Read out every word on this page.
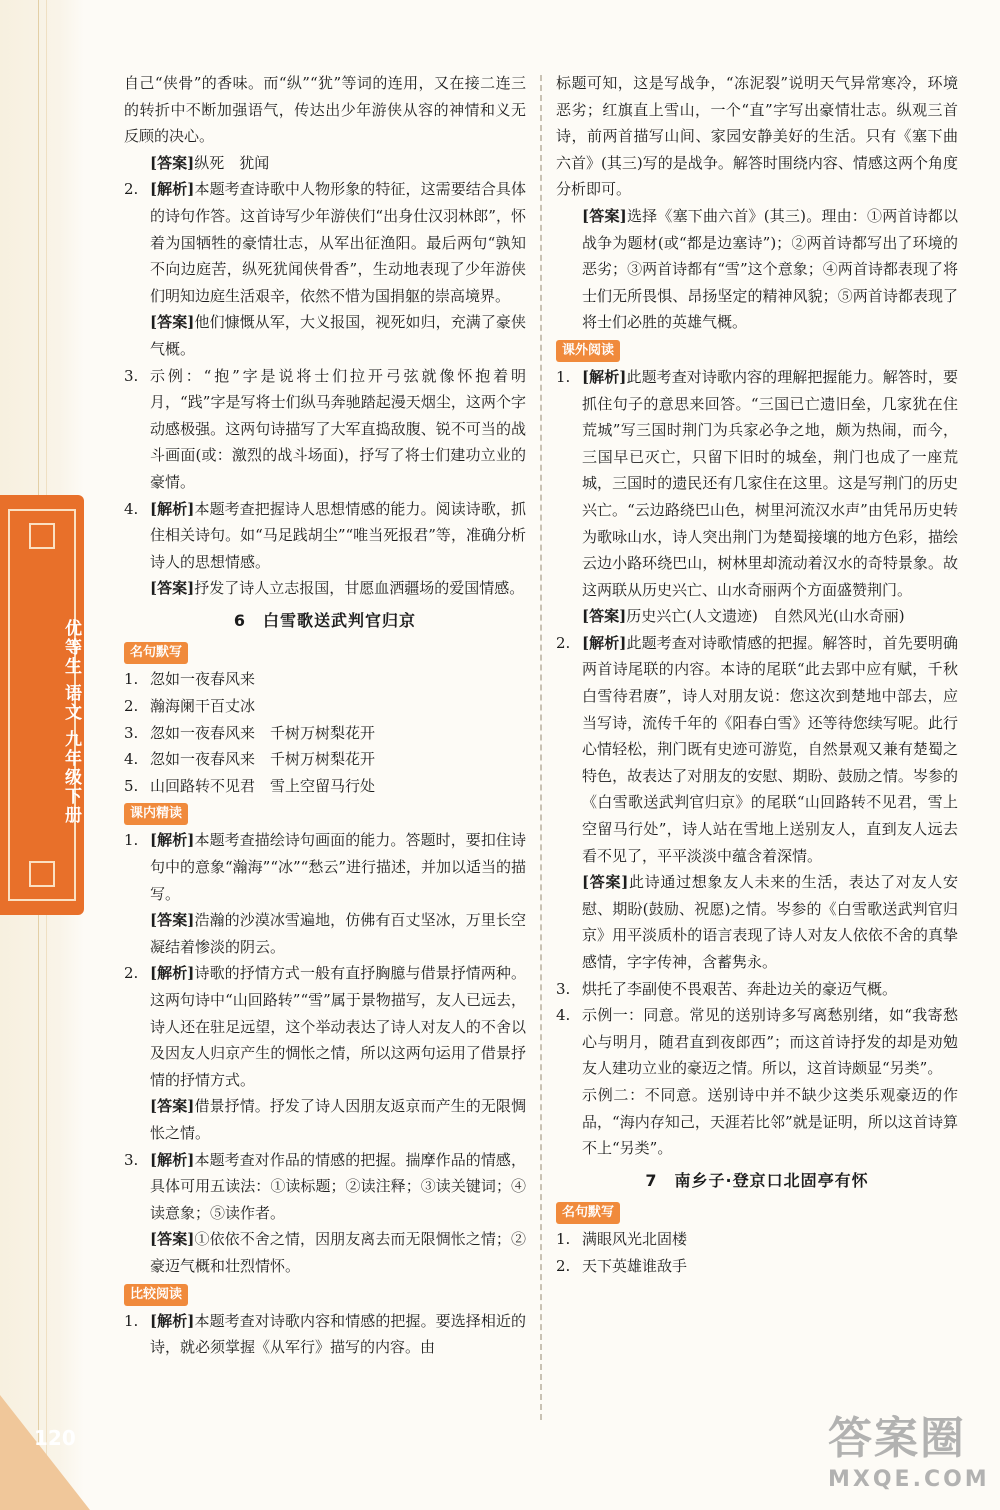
优等生 语文 九年级下册
120

自己“侠骨”的香味。而“纵”“犹”等词的连用，又在接二连三的转折中不断加强语气，传达出少年游侠从容的神情和义无反顾的决心。

[答案]纵死　犹闻

2. [解析]本题考查诗歌中人物形象的特征，这需要结合具体的诗句作答。这首诗写少年游侠们“出身仕汉羽林郎”，怀着为国牺牲的豪情壮志，从军出征渔阳。最后两句“孰知不向边庭苦，纵死犹闻侠骨香”，生动地表现了少年游侠们明知边庭生活艰辛，依然不惜为国捐躯的崇高境界。

[答案]他们慷慨从军，大义报国，视死如归，充满了豪侠气概。

3. 示例：“抱”字是说将士们拉开弓弦就像怀抱着明月，“践”字是写将士们纵马奔驰踏起漫天烟尘，这两个字动感极强。这两句诗描写了大军直捣敌腹、锐不可当的战斗画面(或：激烈的战斗场面)，抒写了将士们建功立业的豪情。
4. [解析]本题考查把握诗人思想情感的能力。阅读诗歌，抓住相关诗句。如“马足践胡尘”“唯当死报君”等，准确分析诗人的思想情感。

[答案]抒发了诗人立志报国，甘愿血洒疆场的爱国情感。

6　白雪歌送武判官归京
名句默写
1. 忽如一夜春风来
2. 瀚海阑干百丈冰
3. 忽如一夜春风来　千树万树梨花开
4. 忽如一夜春风来　千树万树梨花开
5. 山回路转不见君　雪上空留马行处
课内精读
1. [解析]本题考查描绘诗句画面的能力。答题时，要扣住诗句中的意象“瀚海”“冰”“愁云”进行描述，并加以适当的描写。

[答案]浩瀚的沙漠冰雪遍地，仿佛有百丈坚冰，万里长空凝结着惨淡的阴云。

2. [解析]诗歌的抒情方式一般有直抒胸臆与借景抒情两种。这两句诗中“山回路转”“雪”属于景物描写，友人已远去，诗人还在驻足远望，这个举动表达了诗人对友人的不舍以及因友人归京产生的惆怅之情，所以这两句运用了借景抒情的抒情方式。

[答案]借景抒情。抒发了诗人因朋友返京而产生的无限惆怅之情。

3. [解析]本题考查对作品的情感的把握。揣摩作品的情感，具体可用五读法：①读标题；②读注释；③读关键词；④读意象；⑤读作者。

[答案]①依依不舍之情，因朋友离去而无限惆怅之情；②豪迈气概和壮烈情怀。

比较阅读
1. [解析]本题考查对诗歌内容和情感的把握。要选择相近的诗，就必须掌握《从军行》描写的内容。由

标题可知，这是写战争，“冻泥裂”说明天气异常寒冷，环境恶劣；红旗直上雪山，一个“直”字写出豪情壮志。纵观三首诗，前两首描写山间、家园安静美好的生活。只有《塞下曲六首》(其三)写的是战争。解答时围绕内容、情感这两个角度分析即可。

[答案]选择《塞下曲六首》(其三)。理由：①两首诗都以战争为题材(或“都是边塞诗”)；②两首诗都写出了环境的恶劣；③两首诗都有“雪”这个意象；④两首诗都表现了将士们无所畏惧、昂扬坚定的精神风貌；⑤两首诗都表现了将士们必胜的英雄气概。

课外阅读
1. [解析]此题考查对诗歌内容的理解把握能力。解答时，要抓住句子的意思来回答。“三国已亡遗旧垒，几家犹在住荒城”写三国时荆门为兵家必争之地，颇为热闹，而今，三国早已灭亡，只留下旧时的城垒，荆门也成了一座荒城，三国时的遗民还有几家住在这里。这是写荆门的历史兴亡。“云边路绕巴山色，树里河流汉水声”由凭吊历史转为歌咏山水，诗人突出荆门为楚蜀接壤的地方色彩，描绘云边小路环绕巴山，树林里却流动着汉水的奇特景象。故这两联从历史兴亡、山水奇丽两个方面盛赞荆门。

[答案]历史兴亡(人文遗迹)　自然风光(山水奇丽)

2. [解析]此题考查对诗歌情感的把握。解答时，首先要明确两首诗尾联的内容。本诗的尾联“此去郢中应有赋，千秋白雪待君赓”，诗人对朋友说：您这次到楚地中部去，应当写诗，流传千年的《阳春白雪》还等待您续写呢。此行心情轻松，荆门既有史迹可游览，自然景观又兼有楚蜀之特色，故表达了对朋友的安慰、期盼、鼓励之情。岑参的《白雪歌送武判官归京》的尾联“山回路转不见君，雪上空留马行处”，诗人站在雪地上送别友人，直到友人远去看不见了，平平淡淡中蕴含着深情。

[答案]此诗通过想象友人未来的生活，表达了对友人安慰、期盼(鼓励、祝愿)之情。岑参的《白雪歌送武判官归京》用平淡质朴的语言表现了诗人对友人依依不舍的真挚感情，字字传神，含蓄隽永。

3. 烘托了李副使不畏艰苦、奔赴边关的豪迈气概。
4. 示例一：同意。常见的送别诗多写离愁别绪，如“我寄愁心与明月，随君直到夜郎西”；而这首诗抒发的却是劝勉友人建功立业的豪迈之情。所以，这首诗颇显“另类”。

示例二：不同意。送别诗中并不缺少这类乐观豪迈的作品，“海内存知己，天涯若比邻”就是证明，所以这首诗算不上“另类”。

7　南乡子·登京口北固亭有怀
名句默写
1. 满眼风光北固楼
2. 天下英雄谁敌手
答案圈
MXQE.COM
